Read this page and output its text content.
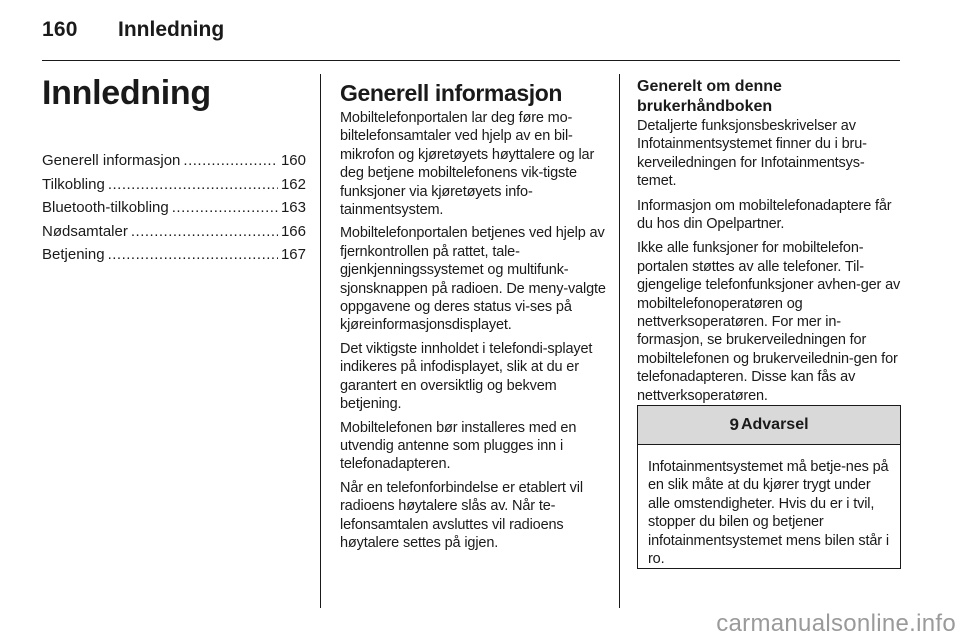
160 Innledning
Innledning
Generell informasjon .....	160
Tilkobling .....	162
Bluetooth-tilkobling .....	163
Nødsamtaler .....	166
Betjening .....	167
Generell informasjon

Mobiltelefonportalen lar deg føre mo-biltelefonsamtaler ved hjelp av en bil-mikrofon og kjøretøyets høyttalere og lar deg betjene mobiltelefonens vik-tigste funksjoner via kjøretøyets info-tainmentsystem.

Mobiltelefonportalen betjenes ved hjelp av fjernkontrollen på rattet, tale-gjenkjenningssystemet og multifunk-sjonsknappen på radioen. De meny-valgte oppgavene og deres status vi-ses på kjøreinformasjonsdisplayet.

Det viktigste innholdet i telefondi-splayet indikeres på infodisplayet, slik at du er garantert en oversiktlig og bekvem betjening.

Mobiltelefonen bør installeres med en utvendig antenne som plugges inn i telefonadapteren.

Når en telefonforbindelse er etablert vil radioens høytalere slås av. Når te-lefonsamtalen avsluttes vil radioens høytalere settes på igjen.

Generelt om denne brukerhåndboken

Detaljerte funksjonsbeskrivelser av Infotainmentsystemet finner du i bru-kerveiledningen for Infotainmentsys-temet.

Informasjon om mobiltelefonadaptere får du hos din Opelpartner.

Ikke alle funksjoner for mobiltelefon-portalen støttes av alle telefoner. Til-gjengelige telefonfunksjoner avhen-ger av mobiltelefonoperatøren og nettverksoperatøren. For mer in-formasjon, se brukerveiledningen for mobiltelefonen og brukerveilednin-gen for telefonadapteren. Disse kan fås av nettverksoperatøren.

9 Advarsel
Infotainmentsystemet må betje-nes på en slik måte at du kjører trygt under alle omstendigheter. Hvis du er i tvil, stopper du bilen og betjener infotainmentsystemet mens bilen står i ro.
carmanualsonline.info
